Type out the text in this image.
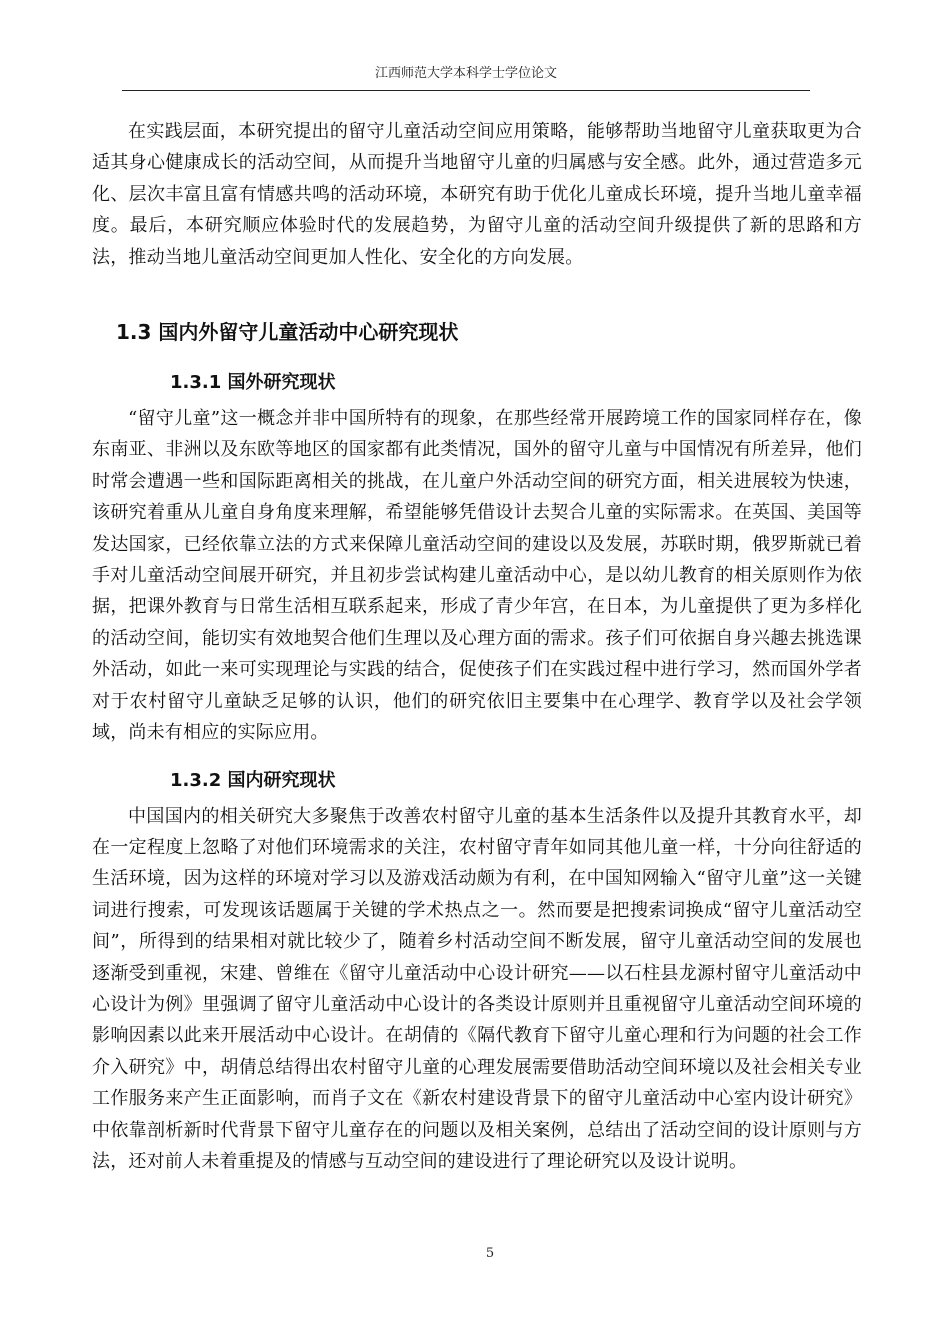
江西师范大学本科学士学位论文

在实践层面，本研究提出的留守儿童活动空间应用策略，能够帮助当地留守儿童获取更为合适其身心健康成长的活动空间，从而提升当地留守儿童的归属感与安全感。此外，通过营造多元化、层次丰富且富有情感共鸣的活动环境，本研究有助于优化儿童成长环境，提升当地儿童幸福度。最后，本研究顺应体验时代的发展趋势，为留守儿童的活动空间升级提供了新的思路和方法，推动当地儿童活动空间更加人性化、安全化的方向发展。

1.3 国内外留守儿童活动中心研究现状
1.3.1 国外研究现状

“留守儿童”这一概念并非中国所特有的现象，在那些经常开展跨境工作的国家同样存在，像东南亚、非洲以及东欧等地区的国家都有此类情况，国外的留守儿童与中国情况有所差异，他们时常会遭遇一些和国际距离相关的挑战，在儿童户外活动空间的研究方面，相关进展较为快速，该研究着重从儿童自身角度来理解，希望能够凭借设计去契合儿童的实际需求。在英国、美国等发达国家，已经依靠立法的方式来保障儿童活动空间的建设以及发展，苏联时期，俄罗斯就已着手对儿童活动空间展开研究，并且初步尝试构建儿童活动中心，是以幼儿教育的相关原则作为依据，把课外教育与日常生活相互联系起来，形成了青少年宫，在日本，为儿童提供了更为多样化的活动空间，能切实有效地契合他们生理以及心理方面的需求。孩子们可依据自身兴趣去挑选课外活动，如此一来可实现理论与实践的结合，促使孩子们在实践过程中进行学习，然而国外学者对于农村留守儿童缺乏足够的认识，他们的研究依旧主要集中在心理学、教育学以及社会学领域，尚未有相应的实际应用。

1.3.2 国内研究现状

中国国内的相关研究大多聚焦于改善农村留守儿童的基本生活条件以及提升其教育水平，却在一定程度上忽略了对他们环境需求的关注，农村留守青年如同其他儿童一样，十分向往舒适的生活环境，因为这样的环境对学习以及游戏活动颇为有利，在中国知网输入“留守儿童”这一关键词进行搜索，可发现该话题属于关键的学术热点之一。然而要是把搜索词换成“留守儿童活动空间”，所得到的结果相对就比较少了，随着乡村活动空间不断发展，留守儿童活动空间的发展也逐渐受到重视，宋建、曾维在《留守儿童活动中心设计研究——以石柱县龙源村留守儿童活动中心设计为例》里强调了留守儿童活动中心设计的各类设计原则并且重视留守儿童活动空间环境的影响因素以此来开展活动中心设计。在胡倩的《隔代教育下留守儿童心理和行为问题的社会工作介入研究》中，胡倩总结得出农村留守儿童的心理发展需要借助活动空间环境以及社会相关专业工作服务来产生正面影响，而肖子文在《新农村建设背景下的留守儿童活动中心室内设计研究》中依靠剖析新时代背景下留守儿童存在的问题以及相关案例，总结出了活动空间的设计原则与方法，还对前人未着重提及的情感与互动空间的建设进行了理论研究以及设计说明。

5
